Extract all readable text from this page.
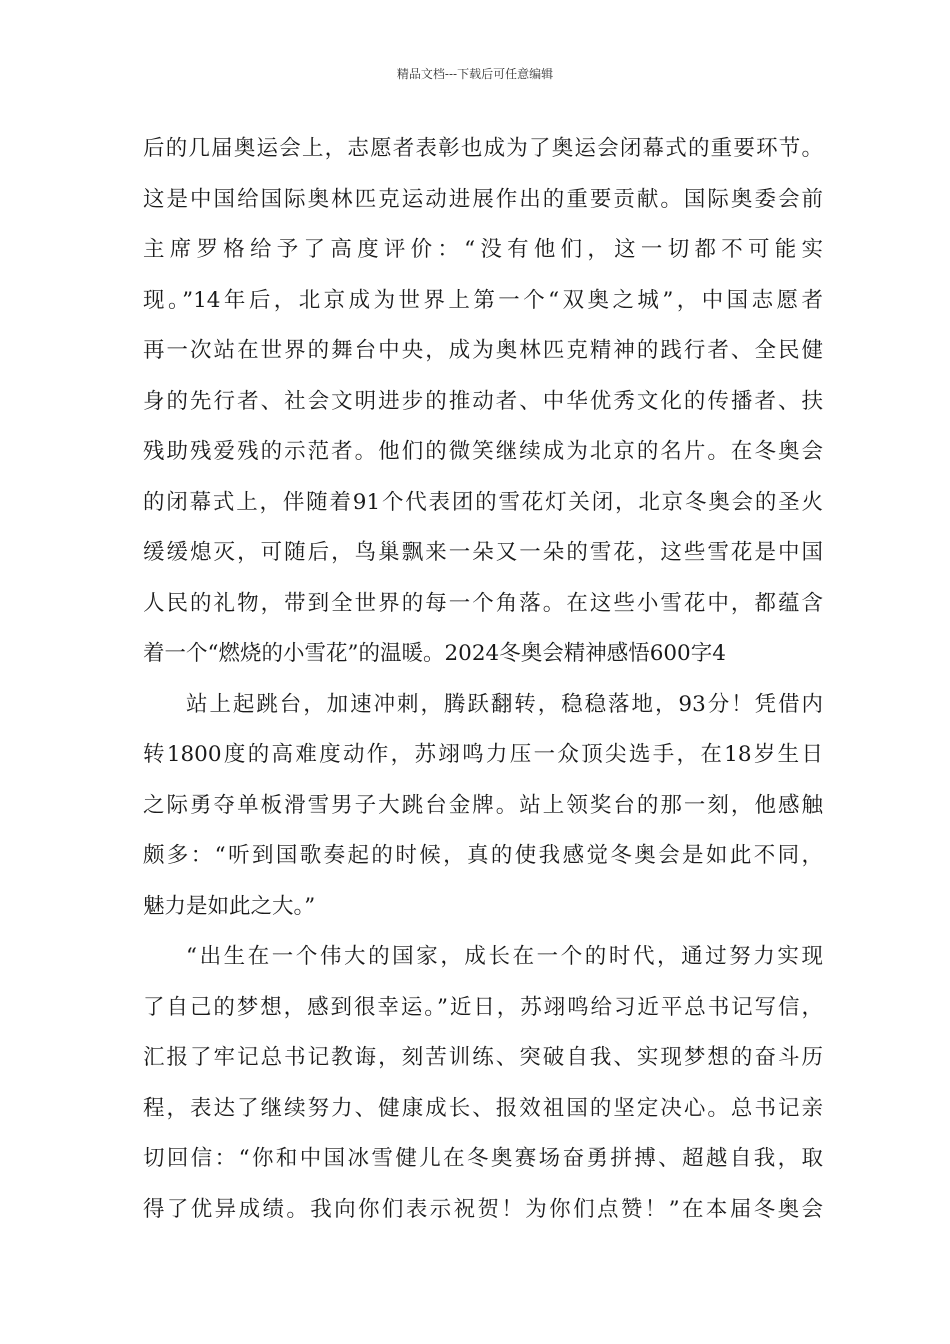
精品文档---下载后可任意编辑
后的几届奥运会上，志愿者表彰也成为了奥运会闭幕式的重要环节。
这是中国给国际奥林匹克运动进展作出的重要贡献。国际奥委会前
主席罗格给予了高度评价：“没有他们，这一切都不可能实
现。”14年后，北京成为世界上第一个“双奥之城”，中国志愿者
再一次站在世界的舞台中央，成为奥林匹克精神的践行者、全民健
身的先行者、社会文明进步的推动者、中华优秀文化的传播者、扶
残助残爱残的示范者。他们的微笑继续成为北京的名片。在冬奥会
的闭幕式上，伴随着91个代表团的雪花灯关闭，北京冬奥会的圣火
缓缓熄灭，可随后，鸟巢飘来一朵又一朵的雪花，这些雪花是中国
人民的礼物，带到全世界的每一个角落。在这些小雪花中，都蕴含
着一个“燃烧的小雪花”的温暖。2024冬奥会精神感悟600字4
站上起跳台，加速冲刺，腾跃翻转，稳稳落地，93分！凭借内
转1800度的高难度动作，苏翊鸣力压一众顶尖选手，在18岁生日
之际勇夺单板滑雪男子大跳台金牌。站上领奖台的那一刻，他感触
颇多：“听到国歌奏起的时候，真的使我感觉冬奥会是如此不同，
魅力是如此之大。”
“出生在一个伟大的国家，成长在一个的时代，通过努力实现
了自己的梦想，感到很幸运。”近日，苏翊鸣给习近平总书记写信，
汇报了牢记总书记教诲，刻苦训练、突破自我、实现梦想的奋斗历
程，表达了继续努力、健康成长、报效祖国的坚定决心。总书记亲
切回信：“你和中国冰雪健儿在冬奥赛场奋勇拼搏、超越自我，取
得了优异成绩。我向你们表示祝贺！为你们点赞！”在本届冬奥会
